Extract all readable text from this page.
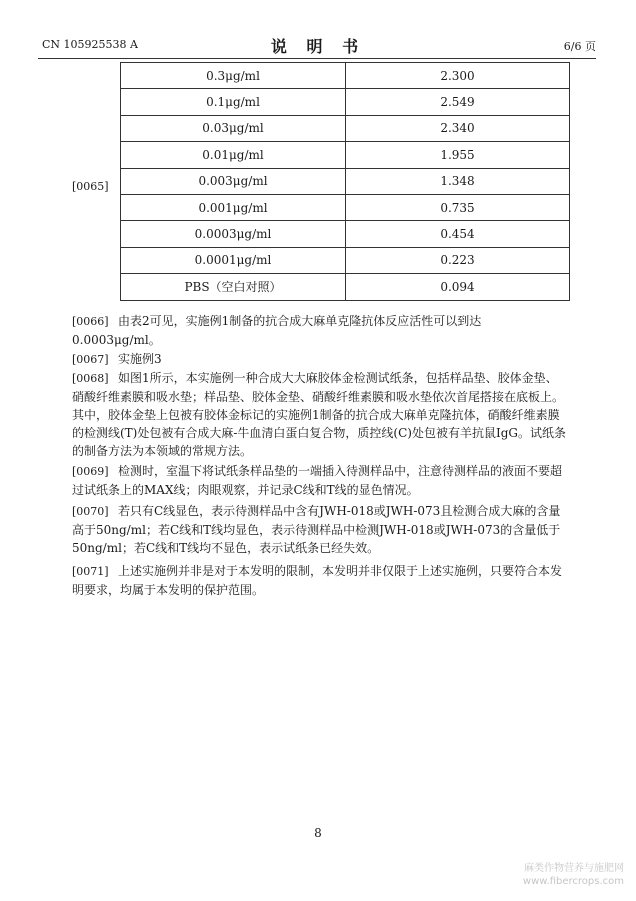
CN 105925538 A	说 明 书	6/6 页
[0065]
0.3μg/ml	2.300
0.1μg/ml	2.549
0.03μg/ml	2.340
0.01μg/ml	1.955
0.003μg/ml	1.348
0.001μg/ml	0.735
0.0003μg/ml	0.454
0.0001μg/ml	0.223
PBS（空白对照）	0.094
[0066] 由表2可见，实施例1制备的抗合成大麻单克隆抗体反应活性可以到达0.0003μg/ml。
[0067] 实施例3
[0068] 如图1所示，本实施例一种合成大大麻胶体金检测试纸条，包括样品垫、胶体金垫、硝酸纤维素膜和吸水垫；样品垫、胶体金垫、硝酸纤维素膜和吸水垫依次首尾搭接在底板上。其中，胶体金垫上包被有胶体金标记的实施例1制备的抗合成大麻单克隆抗体，硝酸纤维素膜的检测线(T)处包被有合成大麻-牛血清白蛋白复合物，质控线(C)处包被有羊抗鼠IgG。试纸条的制备方法为本领域的常规方法。
[0069] 检测时，室温下将试纸条样品垫的一端插入待测样品中，注意待测样品的液面不要超过试纸条上的MAX线；肉眼观察，并记录C线和T线的显色情况。
[0070] 若只有C线显色，表示待测样品中含有JWH-018或JWH-073且检测合成大麻的含量高于50ng/ml；若C线和T线均显色，表示待测样品中检测JWH-018或JWH-073的含量低于50ng/ml；若C线和T线均不显色，表示试纸条已经失效。
[0071] 上述实施例并非是对于本发明的限制，本发明并非仅限于上述实施例，只要符合本发明要求，均属于本发明的保护范围。
8
麻类作物营养与施肥网
www.fibercrops.com
